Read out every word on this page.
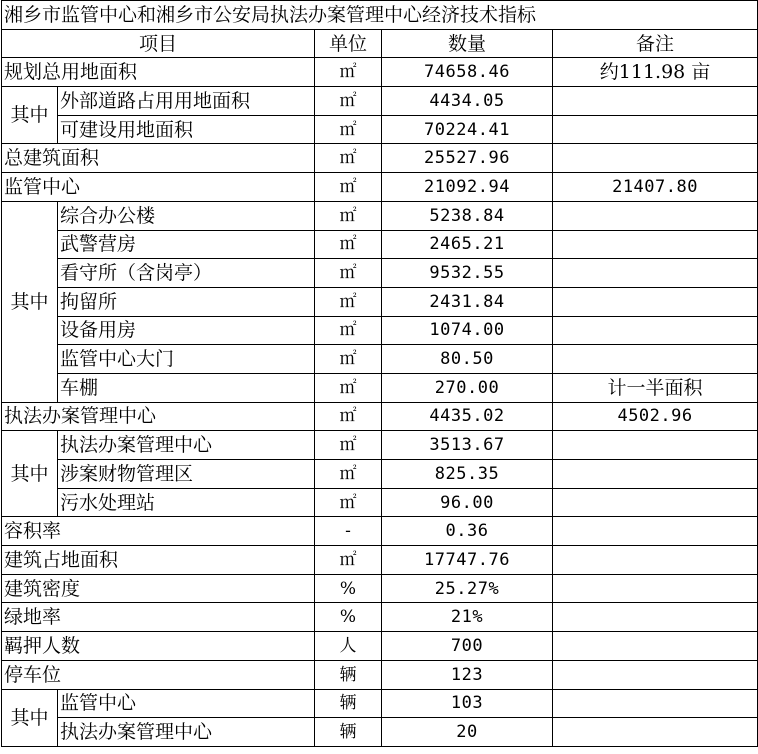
湘乡市监管中心和湘乡市公安局执法办案管理中心经济技术指标				
项目		单位	数量	备注
规划总用地面积		㎡	74658.46	约111.98 亩
其中	外部道路占用用地面积	㎡	4434.05	
	可建设用地面积	㎡	70224.41	
总建筑面积		㎡	25527.96	
监管中心		㎡	21092.94	21407.80
其中	综合办公楼	㎡	5238.84	
	武警营房	㎡	2465.21	
	看守所（含岗亭）	㎡	9532.55	
	拘留所	㎡	2431.84	
	设备用房	㎡	1074.00	
	监管中心大门	㎡	80.50	
	车棚	㎡	270.00	计一半面积
执法办案管理中心		㎡	4435.02	4502.96
其中	执法办案管理中心	㎡	3513.67	
	涉案财物管理区	㎡	825.35	
	污水处理站	㎡	96.00	
容积率		-	0.36	
建筑占地面积		㎡	17747.76	
建筑密度		%	25.27%	
绿地率		%	21%	
羁押人数		人	700	
停车位		辆	123	
其中	监管中心	辆	103	
	执法办案管理中心	辆	20	
